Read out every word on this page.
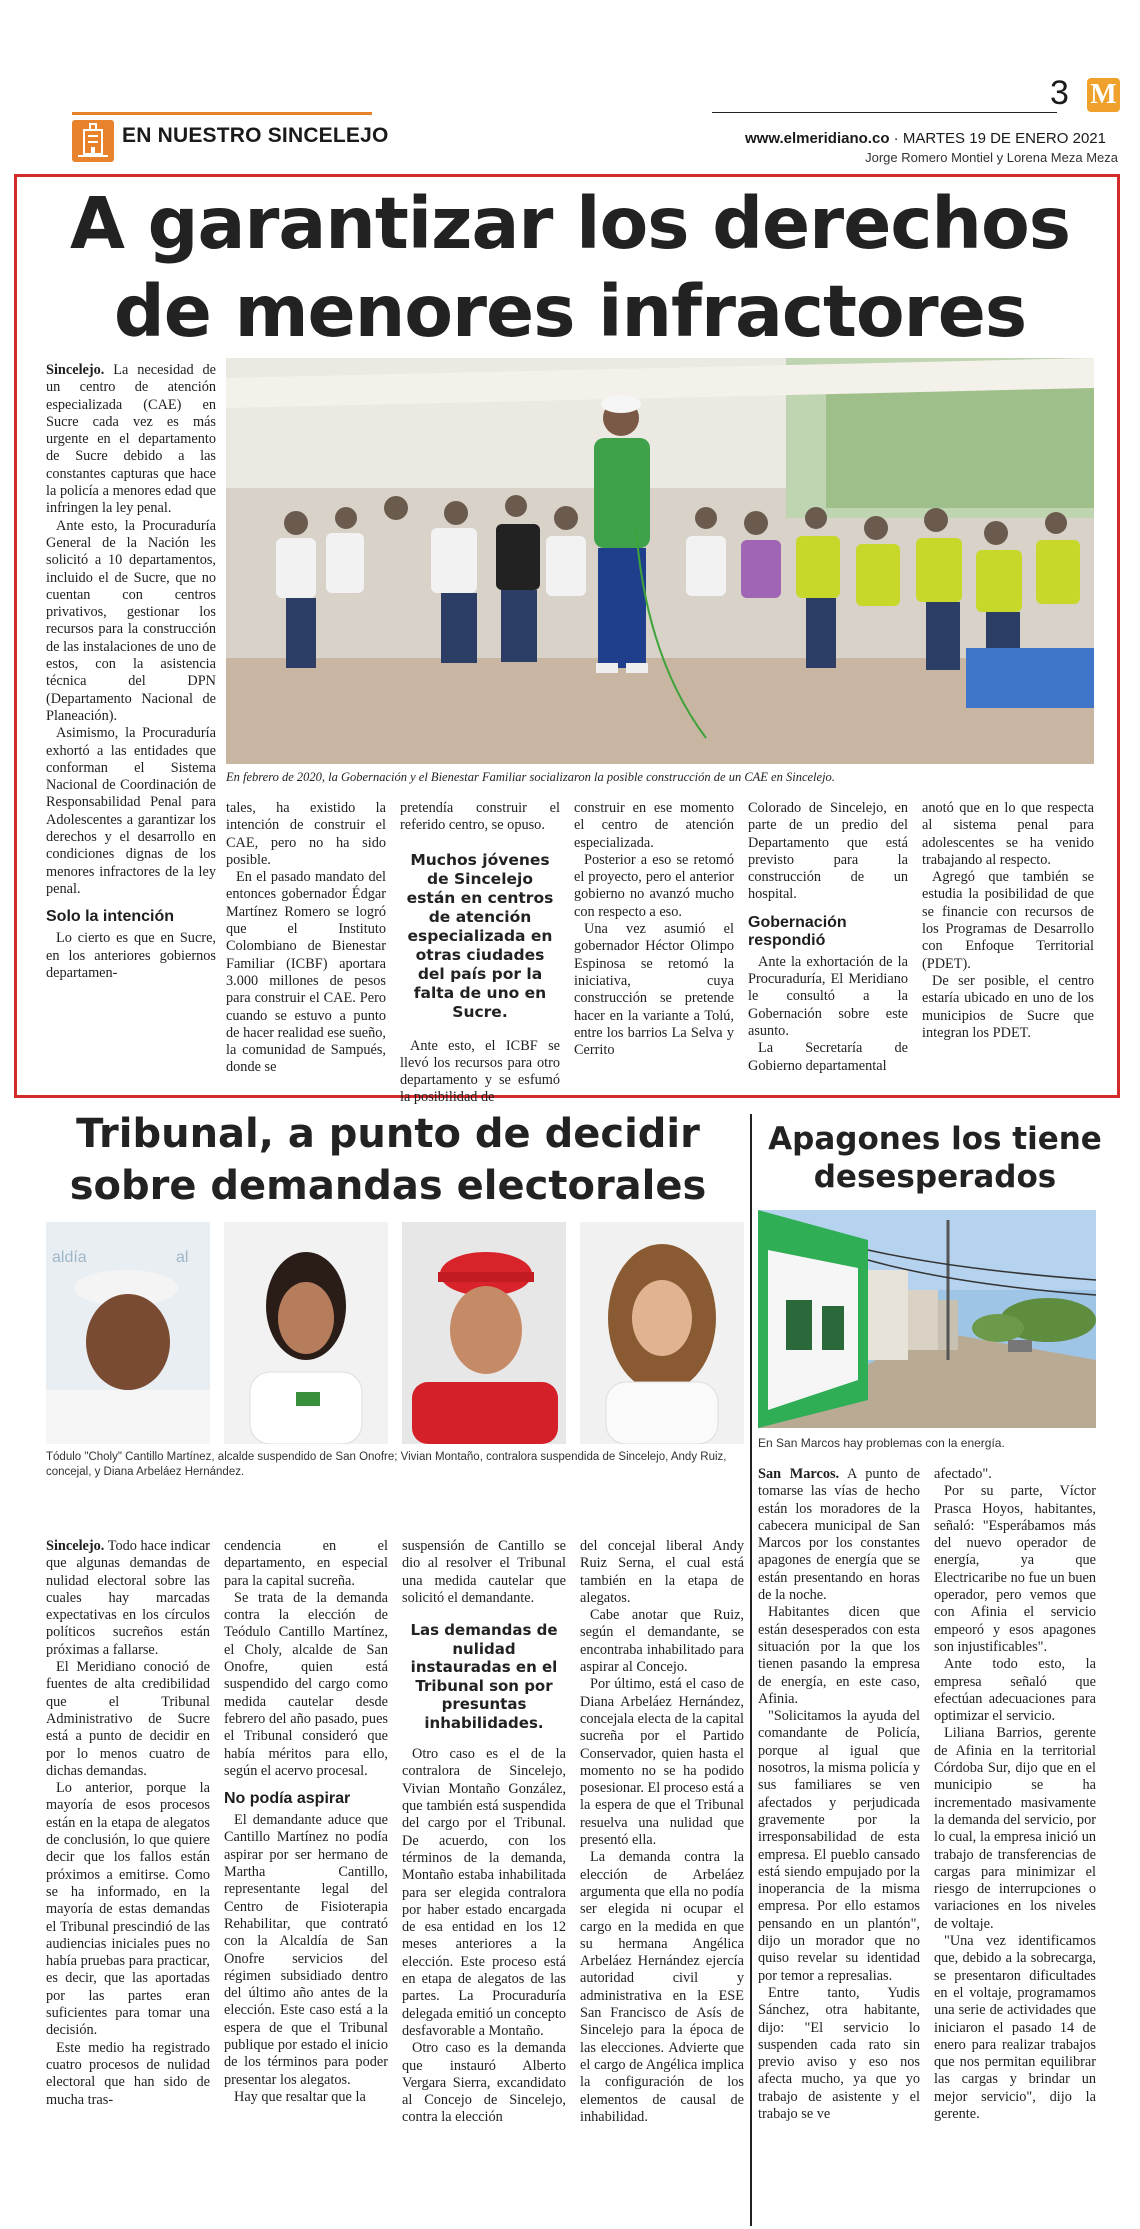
EN NUESTRO SINCELEJO
3 M
www.elmeridiano.co · MARTES 19 DE ENERO 2021
Jorge Romero Montiel y Lorena Meza Meza
A garantizar los derechos
de menores infractores

Sincelejo. La necesidad de un centro de atención especializada (CAE) en Sucre cada vez es más urgente en el departamento de Sucre debido a las constantes capturas que hace la policía a menores edad que infringen la ley penal.

Ante esto, la Procuraduría General de la Nación les solicitó a 10 departamentos, incluido el de Sucre, que no cuentan con centros privativos, gestionar los recursos para la construcción de las instalaciones de uno de estos, con la asistencia técnica del DPN (Departamento Nacional de Planeación).

Asimismo, la Procuraduría exhortó a las entidades que conforman el Sistema Nacional de Coordinación de Responsabilidad Penal para Adolescentes a garantizar los derechos y el desarrollo en condiciones dignas de los menores infractores de la ley penal.

Solo la intención

Lo cierto es que en Sucre, en los anteriores gobiernos departamen-

En febrero de 2020, la Gobernación y el Bienestar Familiar socializaron la posible construcción de un CAE en Sincelejo.

tales, ha existido la intención de construir el CAE, pero no ha sido posible.

En el pasado mandato del entonces gobernador Édgar Martínez Romero se logró que el Instituto Colombiano de Bienestar Familiar (ICBF) aportara 3.000 millones de pesos para construir el CAE. Pero cuando se estuvo a punto de hacer realidad ese sueño, la comunidad de Sampués, donde se

pretendía construir el referido centro, se opuso.

Muchos jóvenes de Sincelejo están en centros de atención especializada en otras ciudades del país por la falta de uno en Sucre.

Ante esto, el ICBF se llevó los recursos para otro departamento y se esfumó la posibilidad de

construir en ese momento el centro de atención especializada.

Posterior a eso se retomó el proyecto, pero el anterior gobierno no avanzó mucho con respecto a eso.

Una vez asumió el gobernador Héctor Olimpo Espinosa se retomó la iniciativa, cuya construcción se pretende hacer en la variante a Tolú, entre los barrios La Selva y Cerrito

Colorado de Sincelejo, en parte de un predio del Departamento que está previsto para la construcción de un hospital.

Gobernación respondió

Ante la exhortación de la Procuraduría, El Meridiano le consultó a la Gobernación sobre este asunto.

La Secretaría de Gobierno departamental

anotó que en lo que respecta al sistema penal para adolescentes se ha venido trabajando al respecto.

Agregó que también se estudia la posibilidad de que se financie con recursos de los Programas de Desarrollo con Enfoque Territorial (PDET).

De ser posible, el centro estaría ubicado en uno de los municipios de Sucre que integran los PDET.

Tribunal, a punto de decidir
sobre demandas electorales
aldía	al
Tódulo "Choly" Cantillo Martínez, alcalde suspendido de San Onofre; Vivian Montaño, contralora suspendida de Sincelejo, Andy Ruiz, concejal, y Diana Arbeláez Hernández.

Sincelejo. Todo hace indicar que algunas demandas de nulidad electoral sobre las cuales hay marcadas expectativas en los círculos políticos sucreños están próximas a fallarse.

El Meridiano conoció de fuentes de alta credibilidad que el Tribunal Administrativo de Sucre está a punto de decidir en por lo menos cuatro de dichas demandas.

Lo anterior, porque la mayoría de esos procesos están en la etapa de alegatos de conclusión, lo que quiere decir que los fallos están próximos a emitirse. Como se ha informado, en la mayoría de estas demandas el Tribunal prescindió de las audiencias iniciales pues no había pruebas para practicar, es decir, que las aportadas por las partes eran suficientes para tomar una decisión.

Este medio ha registrado cuatro procesos de nulidad electoral que han sido de mucha tras-

cendencia en el departamento, en especial para la capital sucreña.

Se trata de la demanda contra la elección de Teódulo Cantillo Martínez, el Choly, alcalde de San Onofre, quien está suspendido del cargo como medida cautelar desde febrero del año pasado, pues el Tribunal consideró que había méritos para ello, según el acervo procesal.

No podía aspirar

El demandante aduce que Cantillo Martínez no podía aspirar por ser hermano de Martha Cantillo, representante legal del Centro de Fisioterapia Rehabilitar, que contrató con la Alcaldía de San Onofre servicios del régimen subsidiado dentro del último año antes de la elección. Este caso está a la espera de que el Tribunal publique por estado el inicio de los términos para poder presentar los alegatos.

Hay que resaltar que la

suspensión de Cantillo se dio al resolver el Tribunal una medida cautelar que solicitó el demandante.

Las demandas de nulidad instauradas en el Tribunal son por presuntas inhabilidades.

Otro caso es el de la contralora de Sincelejo, Vivian Montaño González, que también está suspendida del cargo por el Tribunal. De acuerdo, con los términos de la demanda, Montaño estaba inhabilitada para ser elegida contralora por haber estado encargada de esa entidad en los 12 meses anteriores a la elección. Este proceso está en etapa de alegatos de las partes. La Procuraduría delegada emitió un concepto desfavorable a Montaño.

Otro caso es la demanda que instauró Alberto Vergara Sierra, excandidato al Concejo de Sincelejo, contra la elección

del concejal liberal Andy Ruiz Serna, el cual está también en la etapa de alegatos.

Cabe anotar que Ruiz, según el demandante, se encontraba inhabilitado para aspirar al Concejo.

Por último, está el caso de Diana Arbeláez Hernández, concejala electa de la capital sucreña por el Partido Conservador, quien hasta el momento no se ha podido posesionar. El proceso está a la espera de que el Tribunal resuelva una nulidad que presentó ella.

La demanda contra la elección de Arbeláez argumenta que ella no podía ser elegida ni ocupar el cargo en la medida en que su hermana Angélica Arbeláez Hernández ejercía autoridad civil y administrativa en la ESE San Francisco de Asís de Sincelejo para la época de las elecciones. Advierte que el cargo de Angélica implica la configuración de los elementos de causal de inhabilidad.

Apagones los tiene
desesperados
En San Marcos hay problemas con la energía.

San Marcos. A punto de tomarse las vías de hecho están los moradores de la cabecera municipal de San Marcos por los constantes apagones de energía que se están presentando en horas de la noche.

Habitantes dicen que están desesperados con esta situación por la que los tienen pasando la empresa de energía, en este caso, Afinia.

"Solicitamos la ayuda del comandante de Policía, porque al igual que nosotros, la misma policía y sus familiares se ven afectados y perjudicada gravemente por la irresponsabilidad de esta empresa. El pueblo cansado está siendo empujado por la inoperancia de la misma empresa. Por ello estamos pensando en un plantón", dijo un morador que no quiso revelar su identidad por temor a represalias.

Entre tanto, Yudis Sánchez, otra habitante, dijo: "El servicio lo suspenden cada rato sin previo aviso y eso nos afecta mucho, ya que yo trabajo de asistente y el trabajo se ve

afectado".

Por su parte, Víctor Prasca Hoyos, habitantes, señaló: "Esperábamos más del nuevo operador de energía, ya que Electricaribe no fue un buen operador, pero vemos que con Afinia el servicio empeoró y esos apagones son injustificables".

Ante todo esto, la empresa señaló que efectúan adecuaciones para optimizar el servicio.

Liliana Barrios, gerente de Afinia en la territorial Córdoba Sur, dijo que en el municipio se ha incrementado masivamente la demanda del servicio, por lo cual, la empresa inició un trabajo de transferencias de cargas para minimizar el riesgo de interrupciones o variaciones en los niveles de voltaje.

"Una vez identificamos que, debido a la sobrecarga, se presentaron dificultades en el voltaje, programamos una serie de actividades que iniciaron el pasado 14 de enero para realizar trabajos que nos permitan equilibrar las cargas y brindar un mejor servicio", dijo la gerente.
